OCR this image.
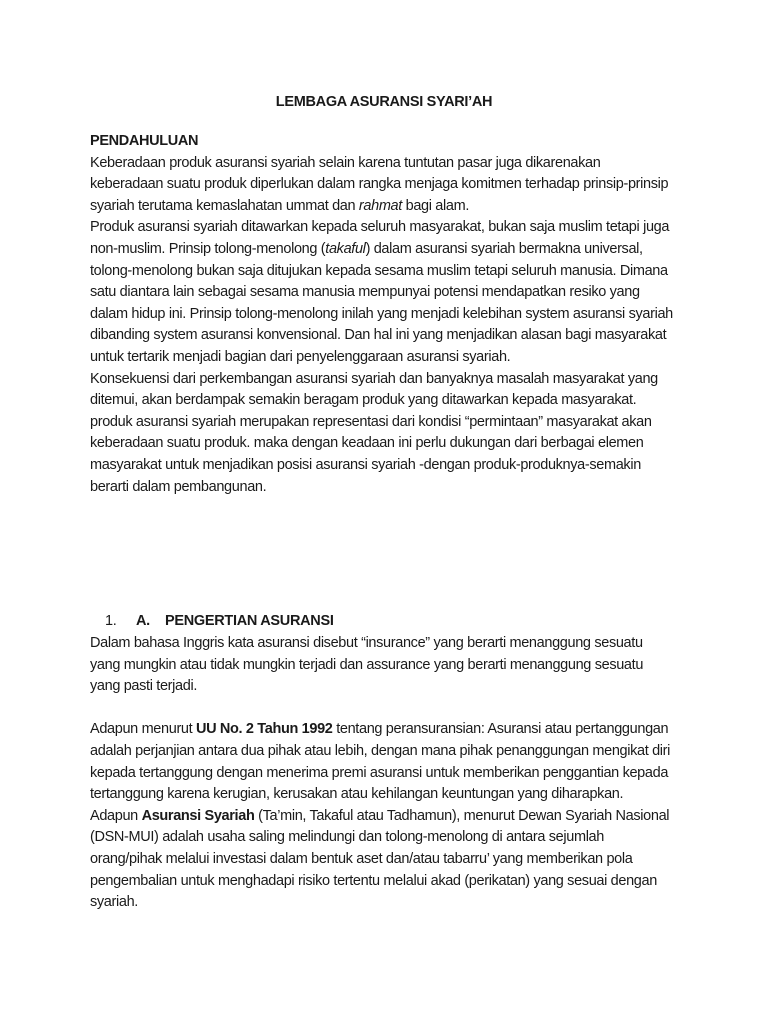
LEMBAGA ASURANSI SYARI’AH
PENDAHULUAN
Keberadaan produk asuransi syariah selain karena tuntutan pasar juga dikarenakan
keberadaan suatu produk diperlukan dalam rangka menjaga komitmen terhadap prinsip-prinsip
syariah terutama kemaslahatan ummat dan rahmat bagi alam.
Produk asuransi syariah ditawarkan kepada seluruh masyarakat, bukan saja muslim tetapi juga
non-muslim. Prinsip tolong-menolong (takaful) dalam asuransi syariah bermakna universal,
tolong-menolong bukan saja ditujukan kepada sesama muslim tetapi seluruh manusia. Dimana
satu diantara lain sebagai sesama manusia mempunyai potensi mendapatkan resiko yang
dalam hidup ini. Prinsip tolong-menolong inilah yang menjadi kelebihan system asuransi syariah
dibanding system asuransi konvensional. Dan hal ini yang menjadikan alasan bagi masyarakat
untuk tertarik menjadi bagian dari penyelenggaraan asuransi syariah.
Konsekuensi dari perkembangan asuransi syariah dan banyaknya masalah masyarakat yang
ditemui, akan berdampak semakin beragam produk yang ditawarkan kepada masyarakat.
produk asuransi syariah merupakan representasi dari kondisi “permintaan” masyarakat akan
keberadaan suatu produk. maka dengan keadaan ini perlu dukungan dari berbagai elemen
masyarakat untuk menjadikan posisi asuransi syariah -dengan produk-produknya-semakin
berarti dalam pembangunan.
1. A. PENGERTIAN ASURANSI
Dalam bahasa Inggris kata asuransi disebut “insurance” yang berarti menanggung sesuatu
yang mungkin atau tidak mungkin terjadi dan assurance yang berarti menanggung sesuatu
yang pasti terjadi.
Adapun menurut UU No. 2 Tahun 1992 tentang peransuransian: Asuransi atau pertanggungan
adalah perjanjian antara dua pihak atau lebih, dengan mana pihak penanggungan mengikat diri
kepada tertanggung dengan menerima premi asuransi untuk memberikan penggantian kepada
tertanggung karena kerugian, kerusakan atau kehilangan keuntungan yang diharapkan.
Adapun Asuransi Syariah (Ta’min, Takaful atau Tadhamun), menurut Dewan Syariah Nasional
(DSN-MUI) adalah usaha saling melindungi dan tolong-menolong di antara sejumlah
orang/pihak melalui investasi dalam bentuk aset dan/atau tabarru’ yang memberikan pola
pengembalian untuk menghadapi risiko tertentu melalui akad (perikatan) yang sesuai dengan
syariah.
